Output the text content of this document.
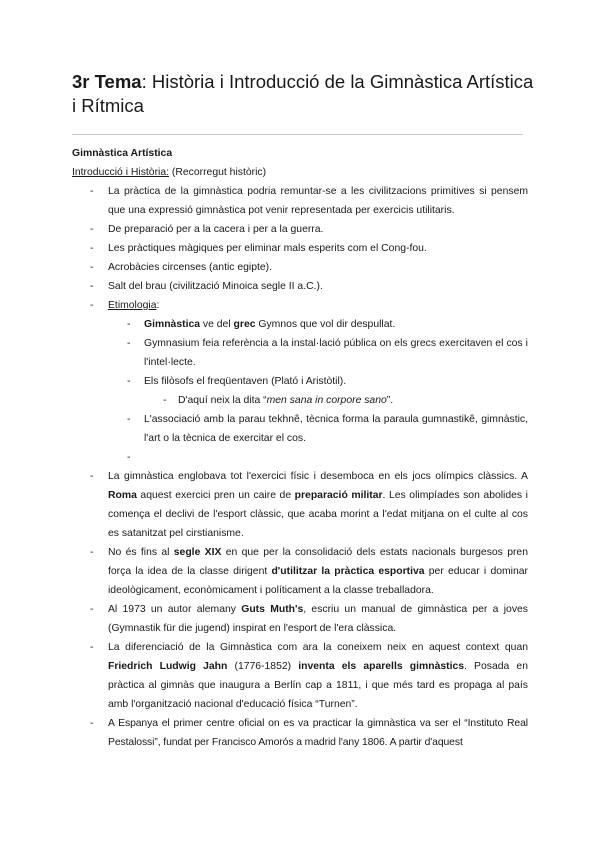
3r Tema: Història i Introducció de la Gimnàstica Artística i Rítmica
Gimnàstica Artística
Introducció i Història: (Recorregut històric)
- La pràctica de la gimnàstica podria remuntar-se a les civilitzacions primitives si pensem que una expressió gimnàstica pot venir representada per exercicis utilitaris.
- De preparació per a la cacera i per a la guerra.
- Les pràctiques màgiques per eliminar mals esperits com el Cong-fou.
- Acrobàcies circenses (antic egipte).
- Salt del brau (civilització Minoica segle II a.C.).
- Etimologia:
- Gimnàstica ve del grec Gymnos que vol dir despullat.
- Gymnasium feia referència a la instal·lació pública on els grecs exercitaven el cos i l'intel·lecte.
- Els filòsofs el freqüentaven (Plató i Aristòtil).
- D'aquí neix la dita “men sana in corpore sano”.
- L'associació amb la parau tekhnê, tècnica forma la paraula gumnastikê, gimnàstic, l'art o la tècnica de exercitar el cos.
-

- La gimnàstica englobava tot l'exercici físic i desemboca en els jocs olímpics clàssics. A Roma aquest exercici pren un caire de preparació militar. Les olimpíades son abolides i comença el declivi de l'esport clàssic, que acaba morint a l'edat mitjana on el culte al cos es satanitzat pel cirstianisme.
- No és fins al segle XIX en que per la consolidació dels estats nacionals burgesos pren força la idea de la classe dirigent d'utilitzar la pràctica esportiva per educar i dominar ideològicament, econòmicament i políticament a la classe treballadora.
- Al 1973 un autor alemany Guts Muth's, escriu un manual de gimnàstica per a joves (Gymnastik für die jugend) inspirat en l'esport de l'era clàssica.
- La diferenciació de la Gimnàstica com ara la coneixem neix en aquest context quan Friedrich Ludwig Jahn (1776-1852) inventa els aparells gimnàstics. Posada en pràctica al gimnàs que inaugura a Berlín cap a 1811, i que més tard es propaga al país amb l'organització nacional d'educació física “Turnen”.
- A Espanya el primer centre oficial on es va practicar la gimnàstica va ser el “Instituto Real Pestalossi”, fundat per Francisco Amorós a madrid l'any 1806. A partir d'aquest
